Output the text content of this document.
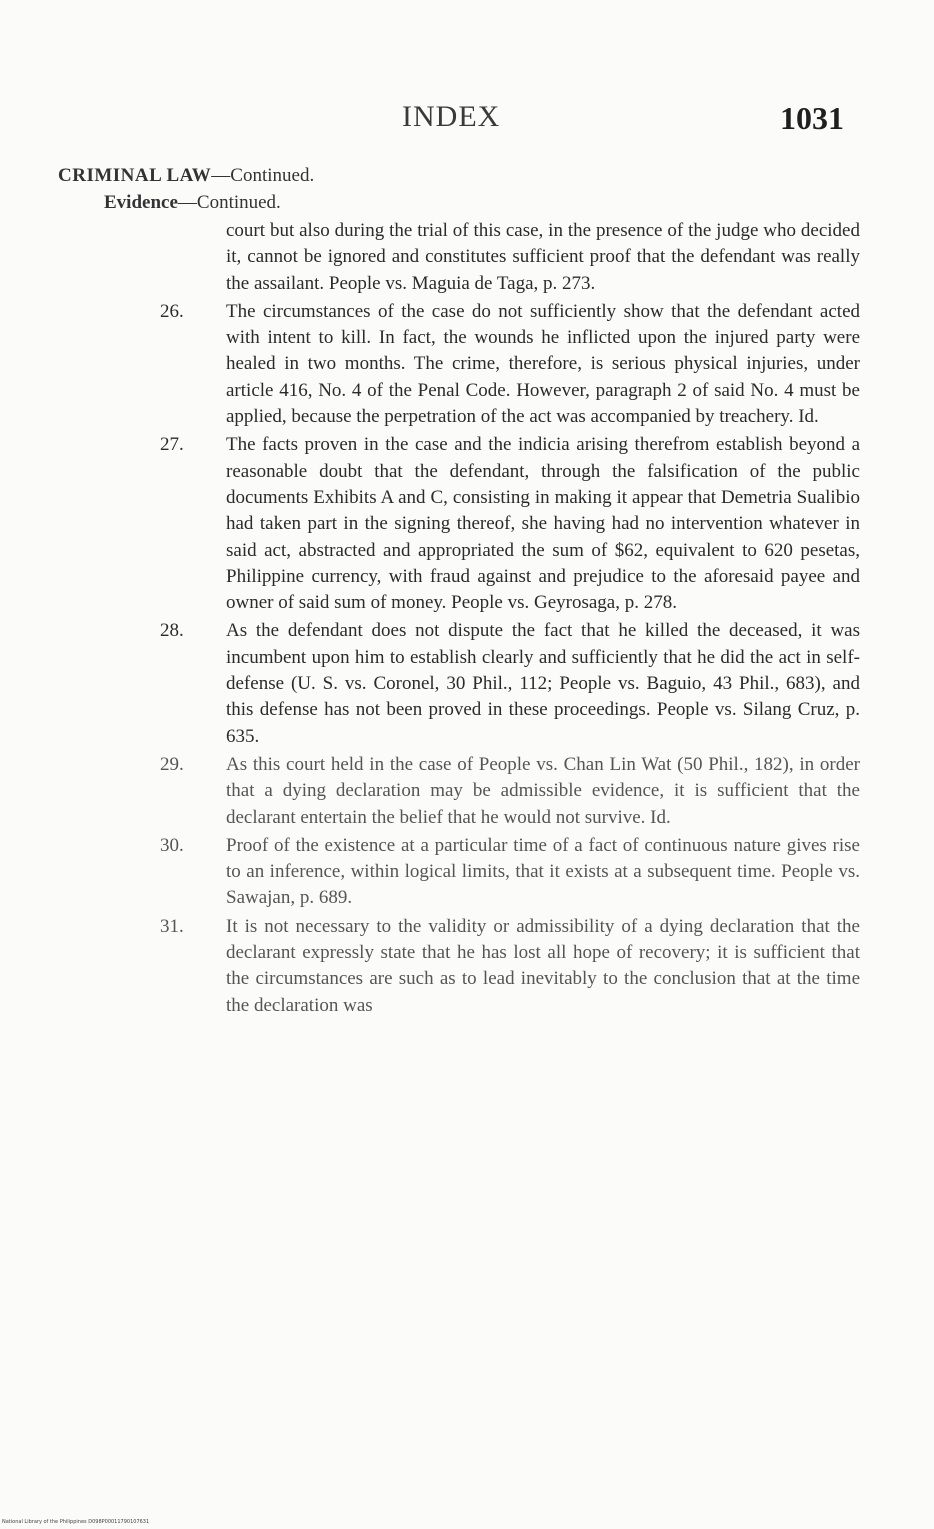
INDEX	1031
CRIMINAL LAW—Continued.
Evidence—Continued.
court but also during the trial of this case, in the presence of the judge who decided it, cannot be ignored and constitutes sufficient proof that the defendant was really the assailant. People vs. Maguia de Taga, p. 273.
26. The circumstances of the case do not sufficiently show that the defendant acted with intent to kill. In fact, the wounds he inflicted upon the injured party were healed in two months. The crime, therefore, is serious physical injuries, under article 416, No. 4 of the Penal Code. However, paragraph 2 of said No. 4 must be applied, because the perpetration of the act was accompanied by treachery. Id.
27. The facts proven in the case and the indicia arising therefrom establish beyond a reasonable doubt that the defendant, through the falsification of the public documents Exhibits A and C, consisting in making it appear that Demetria Sualibio had taken part in the signing thereof, she having had no intervention whatever in said act, abstracted and appropriated the sum of $62, equivalent to 620 pesetas, Philippine currency, with fraud against and prejudice to the aforesaid payee and owner of said sum of money. People vs. Geyrosaga, p. 278.
28. As the defendant does not dispute the fact that he killed the deceased, it was incumbent upon him to establish clearly and sufficiently that he did the act in self-defense (U. S. vs. Coronel, 30 Phil., 112; People vs. Baguio, 43 Phil., 683), and this defense has not been proved in these proceedings. People vs. Silang Cruz, p. 635.
29. As this court held in the case of People vs. Chan Lin Wat (50 Phil., 182), in order that a dying declaration may be admissible evidence, it is sufficient that the declarant entertain the belief that he would not survive. Id.
30. Proof of the existence at a particular time of a fact of continuous nature gives rise to an inference, within logical limits, that it exists at a subsequent time. People vs. Sawajan, p. 689.
31. It is not necessary to the validity or admissibility of a dying declaration that the declarant expressly state that he has lost all hope of recovery; it is sufficient that the circumstances are such as to lead inevitably to the conclusion that at the time the declaration was
National Library of the Philippines D098P00011790107631
